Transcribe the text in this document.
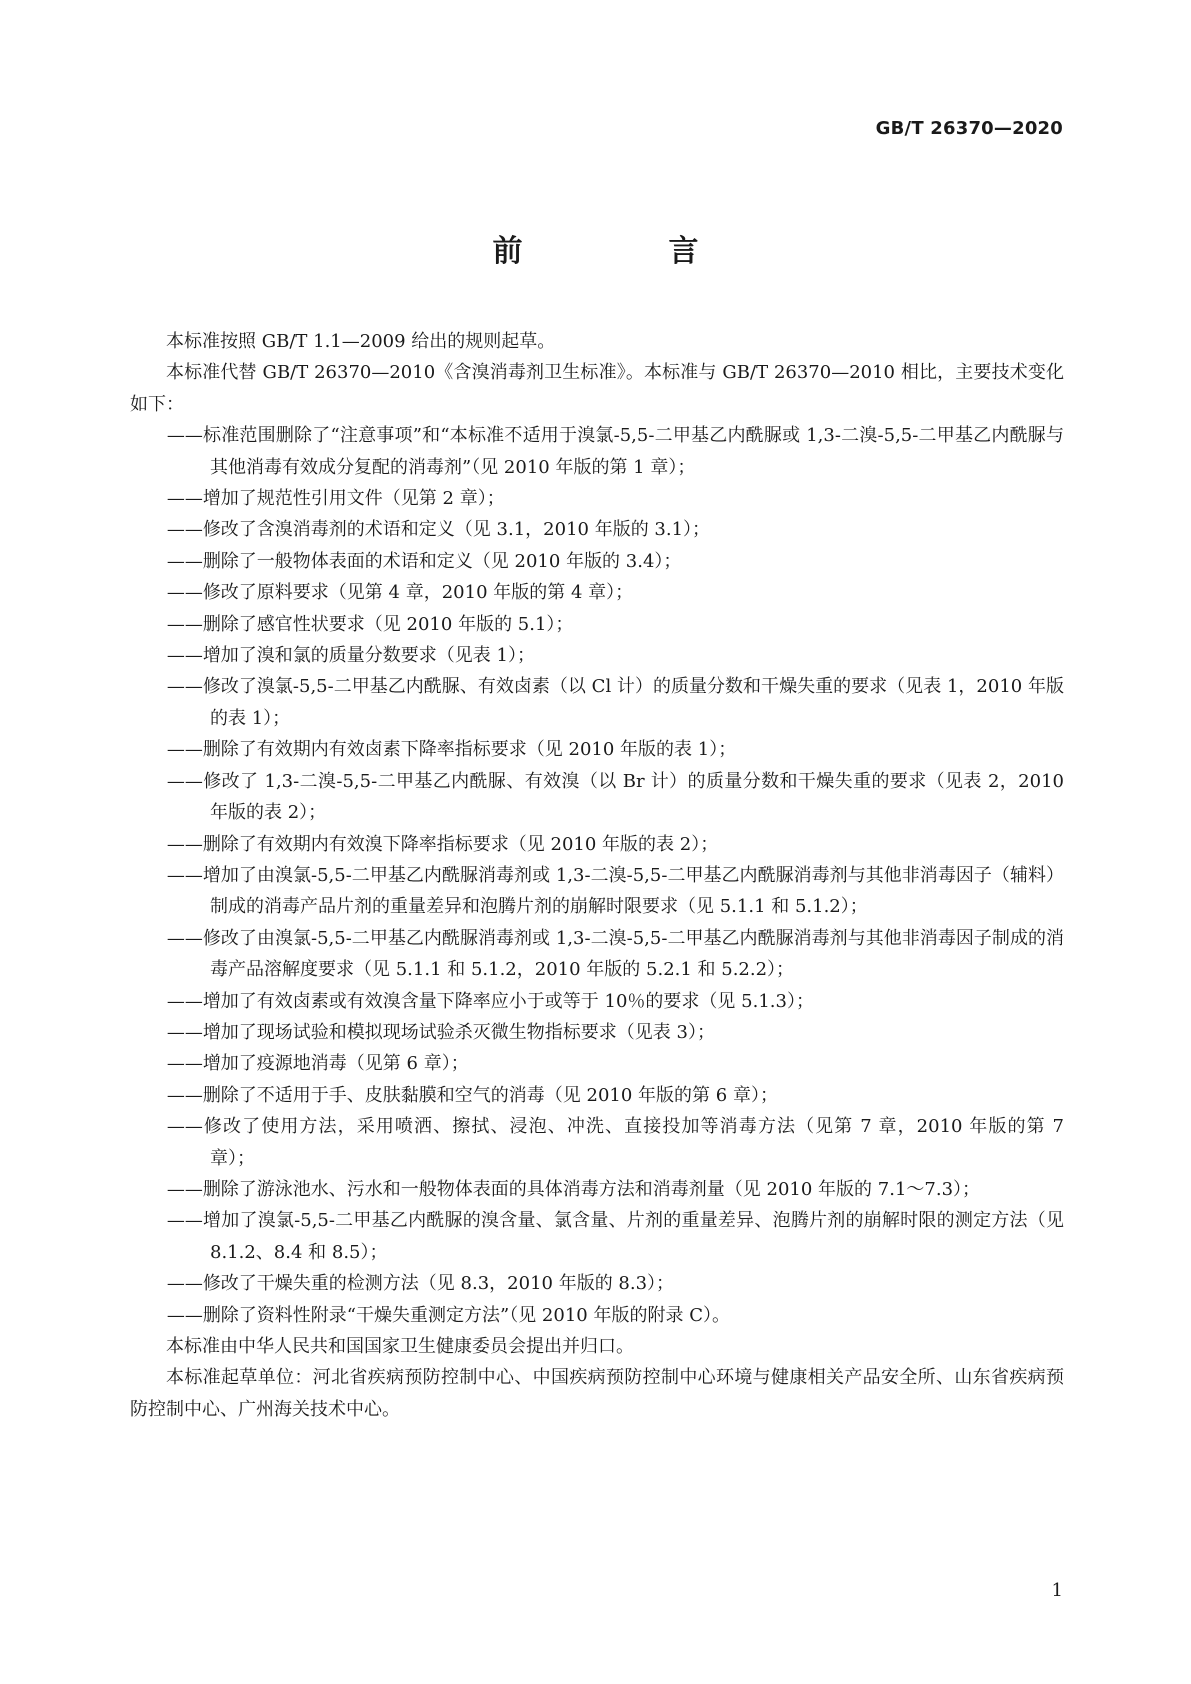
GB/T 26370—2020
前　言

本标准按照 GB/T 1.1—2009 给出的规则起草。

本标准代替 GB/T 26370—2010《含溴消毒剂卫生标准》。本标准与 GB/T 26370—2010 相比，主要技术变化如下：

——标准范围删除了“注意事项”和“本标准不适用于溴氯-5,5-二甲基乙内酰脲或 1,3-二溴-5,5-二甲基乙内酰脲与其他消毒有效成分复配的消毒剂”（见 2010 年版的第 1 章）；
——增加了规范性引用文件（见第 2 章）；
——修改了含溴消毒剂的术语和定义（见 3.1，2010 年版的 3.1）；
——删除了一般物体表面的术语和定义（见 2010 年版的 3.4）；
——修改了原料要求（见第 4 章，2010 年版的第 4 章）；
——删除了感官性状要求（见 2010 年版的 5.1）；
——增加了溴和氯的质量分数要求（见表 1）；
——修改了溴氯-5,5-二甲基乙内酰脲、有效卤素（以 Cl 计）的质量分数和干燥失重的要求（见表 1，2010 年版的表 1）；
——删除了有效期内有效卤素下降率指标要求（见 2010 年版的表 1）；
——修改了 1,3-二溴-5,5-二甲基乙内酰脲、有效溴（以 Br 计）的质量分数和干燥失重的要求（见表 2，2010 年版的表 2）；
——删除了有效期内有效溴下降率指标要求（见 2010 年版的表 2）；
——增加了由溴氯-5,5-二甲基乙内酰脲消毒剂或 1,3-二溴-5,5-二甲基乙内酰脲消毒剂与其他非消毒因子（辅料）制成的消毒产品片剂的重量差异和泡腾片剂的崩解时限要求（见 5.1.1 和 5.1.2）；
——修改了由溴氯-5,5-二甲基乙内酰脲消毒剂或 1,3-二溴-5,5-二甲基乙内酰脲消毒剂与其他非消毒因子制成的消毒产品溶解度要求（见 5.1.1 和 5.1.2，2010 年版的 5.2.1 和 5.2.2）；
——增加了有效卤素或有效溴含量下降率应小于或等于 10％的要求（见 5.1.3）；
——增加了现场试验和模拟现场试验杀灭微生物指标要求（见表 3）；
——增加了疫源地消毒（见第 6 章）；
——删除了不适用于手、皮肤黏膜和空气的消毒（见 2010 年版的第 6 章）；
——修改了使用方法，采用喷洒、擦拭、浸泡、冲洗、直接投加等消毒方法（见第 7 章，2010 年版的第 7 章）；
——删除了游泳池水、污水和一般物体表面的具体消毒方法和消毒剂量（见 2010 年版的 7.1～7.3）；
——增加了溴氯-5,5-二甲基乙内酰脲的溴含量、氯含量、片剂的重量差异、泡腾片剂的崩解时限的测定方法（见 8.1.2、8.4 和 8.5）；
——修改了干燥失重的检测方法（见 8.3，2010 年版的 8.3）；
——删除了资料性附录“干燥失重测定方法”（见 2010 年版的附录 C）。

本标准由中华人民共和国国家卫生健康委员会提出并归口。

本标准起草单位：河北省疾病预防控制中心、中国疾病预防控制中心环境与健康相关产品安全所、山东省疾病预防控制中心、广州海关技术中心。

1
